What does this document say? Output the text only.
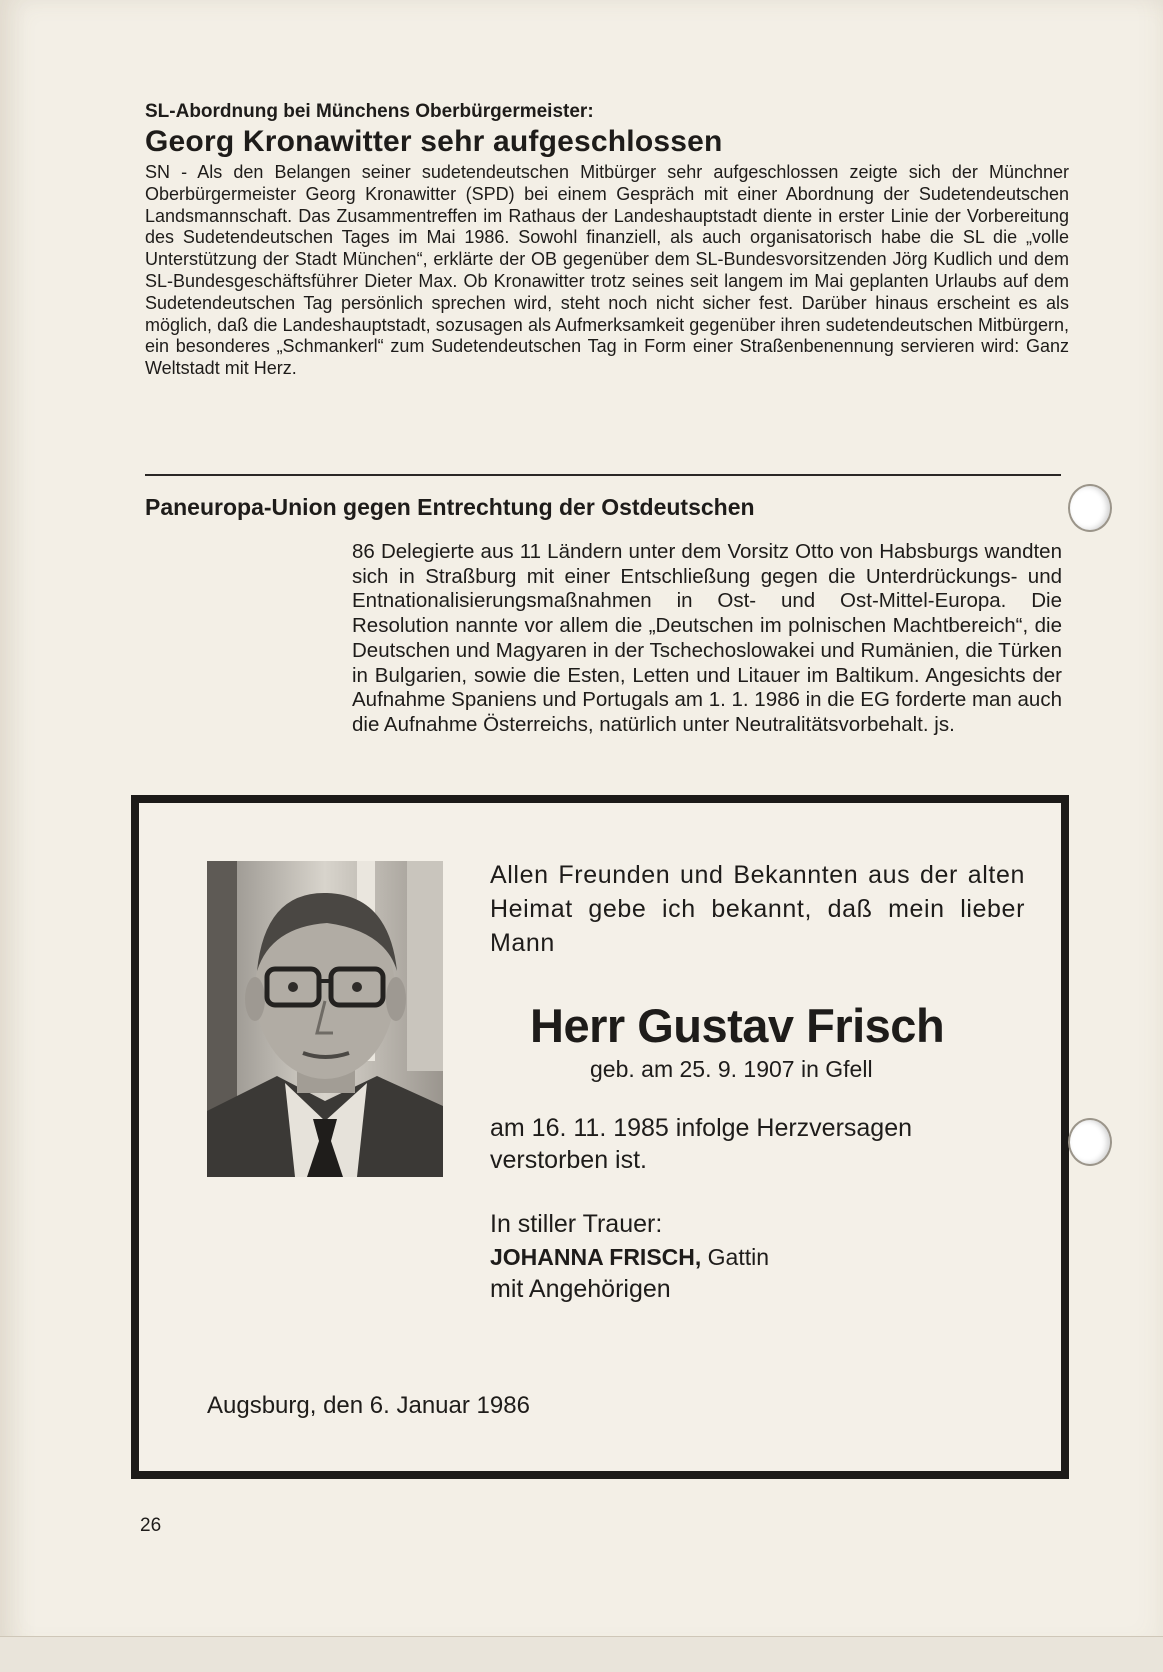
SL-Abordnung bei Münchens Oberbürgermeister:

Georg Kronawitter sehr aufgeschlossen

SN - Als den Belangen seiner sudetendeutschen Mitbürger sehr aufgeschlossen zeigte sich der Münchner Oberbürgermeister Georg Kronawitter (SPD) bei einem Gespräch mit einer Abordnung der Sudetendeutschen Landsmannschaft. Das Zusammentreffen im Rathaus der Landeshauptstadt diente in erster Linie der Vorbereitung des Sudetendeutschen Tages im Mai 1986. Sowohl finanziell, als auch organisatorisch habe die SL die „volle Unterstützung der Stadt München“, erklärte der OB gegenüber dem SL-Bundesvorsitzenden Jörg Kudlich und dem SL-Bundesgeschäftsführer Dieter Max. Ob Kronawitter trotz seines seit langem im Mai geplanten Urlaubs auf dem Sudetendeutschen Tag persönlich sprechen wird, steht noch nicht sicher fest. Darüber hinaus erscheint es als möglich, daß die Landeshauptstadt, sozusagen als Aufmerksamkeit gegenüber ihren sudetendeutschen Mitbürgern, ein besonderes „Schmankerl“ zum Sudetendeutschen Tag in Form einer Straßenbenennung servieren wird: Ganz Weltstadt mit Herz.

Paneuropa-Union gegen Entrechtung der Ostdeutschen

86 Delegierte aus 11 Ländern unter dem Vorsitz Otto von Habsburgs wandten sich in Straßburg mit einer Entschließung gegen die Unterdrückungs- und Entnationalisierungsmaßnahmen in Ost- und Ost-Mittel-Europa. Die Resolution nannte vor allem die „Deutschen im polnischen Machtbereich“, die Deutschen und Magyaren in der Tschechoslowakei und Rumänien, die Türken in Bulgarien, sowie die Esten, Letten und Litauer im Baltikum. Angesichts der Aufnahme Spaniens und Portugals am 1. 1. 1986 in die EG forderte man auch die Aufnahme Österreichs, natürlich unter Neutralitätsvorbehalt. js.

Allen Freunden und Bekannten aus der alten Heimat gebe ich bekannt, daß mein lieber Mann

Herr Gustav Frisch

geb. am 25. 9. 1907 in Gfell

am 16. 11. 1985 infolge Herzversagen verstorben ist.

In stiller Trauer:

JOHANNA FRISCH, Gattin

mit Angehörigen

Augsburg, den 6. Januar 1986

26
